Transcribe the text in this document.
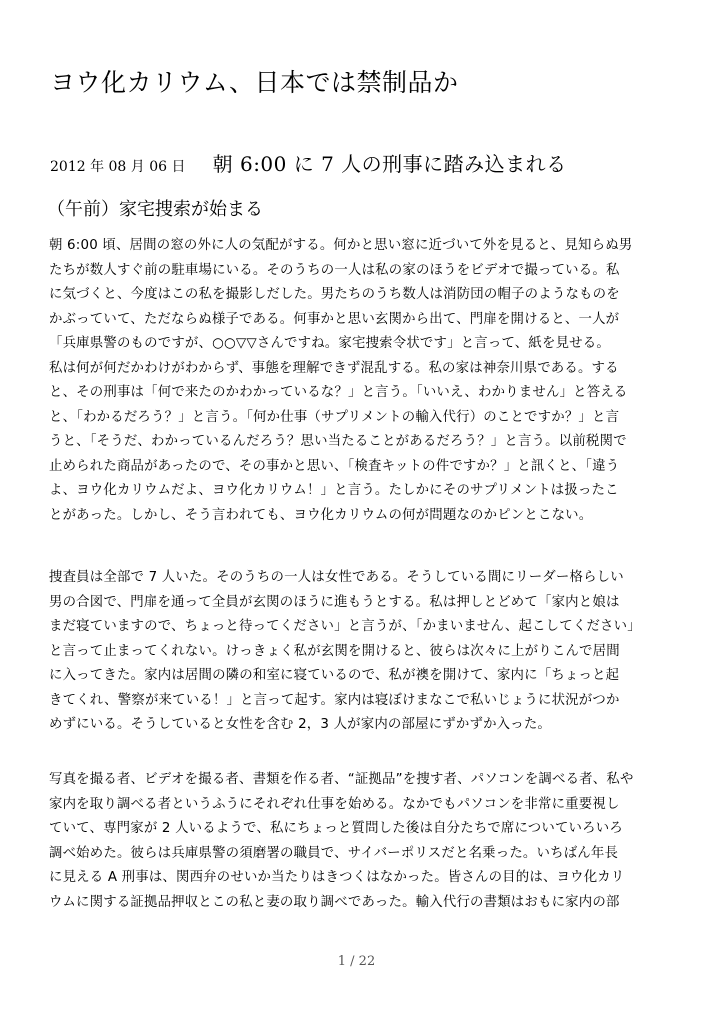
ヨウ化カリウム、日本では禁制品か
2012 年 08 月 06 日 朝 6:00 に 7 人の刑事に踏み込まれる
（午前）家宅捜索が始まる
朝 6:00 頃、居間の窓の外に人の気配がする。何かと思い窓に近づいて外を見ると、見知らぬ男
たちが数人すぐ前の駐車場にいる。そのうちの一人は私の家のほうをビデオで撮っている。私
に気づくと、今度はこの私を撮影しだした。男たちのうち数人は消防団の帽子のようなものを
かぶっていて、ただならぬ様子である。何事かと思い玄関から出て、門扉を開けると、一人が
「兵庫県警のものですが、○○▽▽さんですね。家宅捜索令状です」と言って、紙を見せる。
私は何が何だかわけがわからず、事態を理解できず混乱する。私の家は神奈川県である。する
と、その刑事は「何で来たのかわかっているな？」と言う。「いいえ、わかりません」と答える
と、「わかるだろう？」と言う。「何か仕事（サプリメントの輸入代行）のことですか？」と言
うと、「そうだ、わかっているんだろう？思い当たることがあるだろう？」と言う。以前税関で
止められた商品があったので、その事かと思い、「検査キットの件ですか？」と訊くと、「違う
よ、ヨウ化カリウムだよ、ヨウ化カリウム！」と言う。たしかにそのサプリメントは扱ったこ
とがあった。しかし、そう言われても、ヨウ化カリウムの何が問題なのかピンとこない。
捜査員は全部で 7 人いた。そのうちの一人は女性である。そうしている間にリーダー格らしい
男の合図で、門扉を通って全員が玄関のほうに進もうとする。私は押しとどめて「家内と娘は
まだ寝ていますので、ちょっと待ってください」と言うが、「かまいません、起こしてください」
と言って止まってくれない。けっきょく私が玄関を開けると、彼らは次々に上がりこんで居間
に入ってきた。家内は居間の隣の和室に寝ているので、私が襖を開けて、家内に「ちょっと起
きてくれ、警察が来ている！」と言って起す。家内は寝ぼけまなこで私いじょうに状況がつか
めずにいる。そうしていると女性を含む 2，3 人が家内の部屋にずかずか入った。
写真を撮る者、ビデオを撮る者、書類を作る者、“証拠品”を捜す者、パソコンを調べる者、私や
家内を取り調べる者というふうにそれぞれ仕事を始める。なかでもパソコンを非常に重要視し
ていて、専門家が 2 人いるようで、私にちょっと質問した後は自分たちで席についていろいろ
調べ始めた。彼らは兵庫県警の須磨署の職員で、サイバーポリスだと名乗った。いちばん年長
に見える A 刑事は、関西弁のせいか当たりはきつくはなかった。皆さんの目的は、ヨウ化カリ
ウムに関する証拠品押収とこの私と妻の取り調べであった。輸入代行の書類はおもに家内の部
1 / 22
